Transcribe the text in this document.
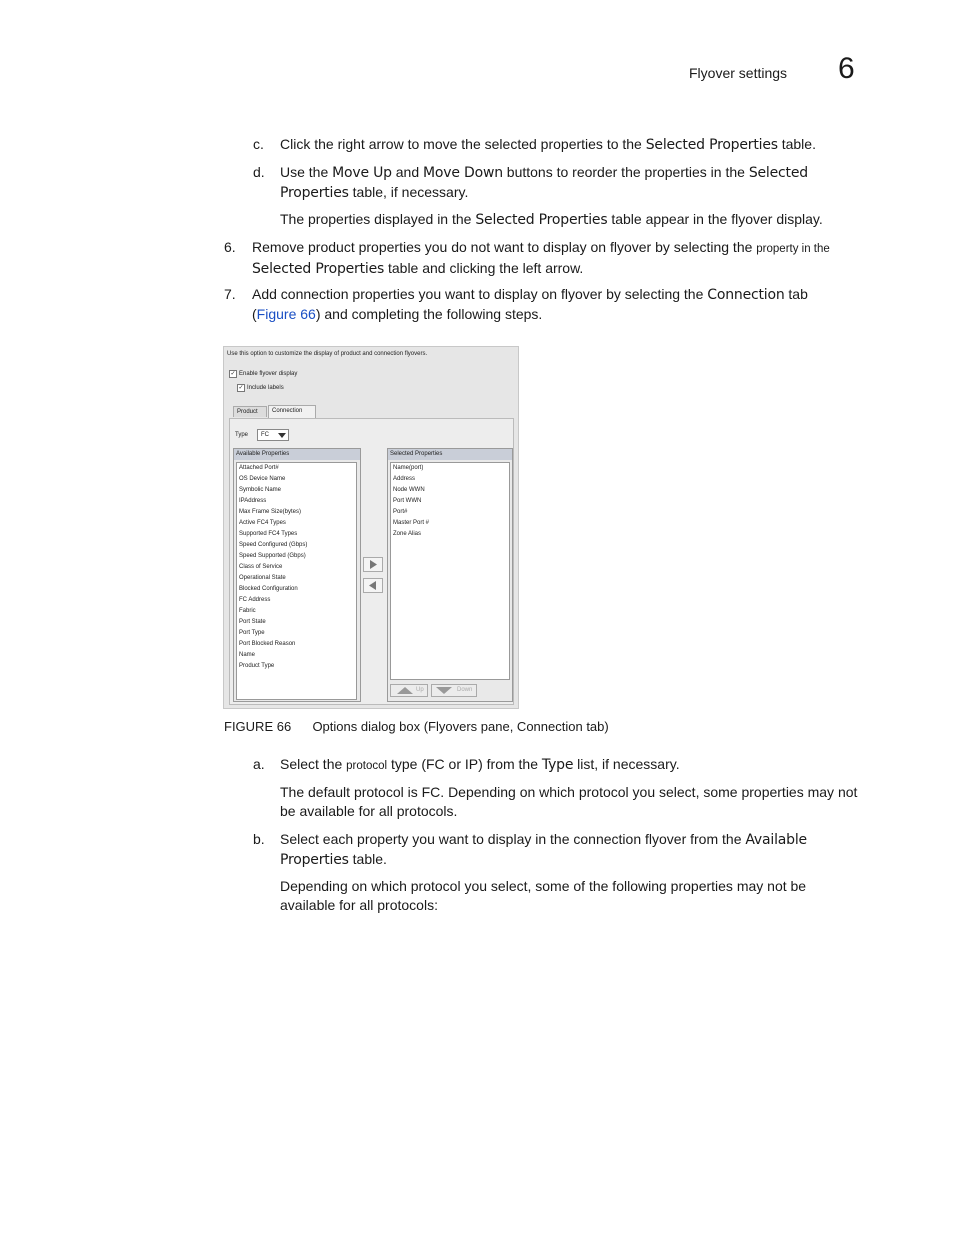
Flyover settings 6
c. Click the right arrow to move the selected properties to the Selected Properties table.
d. Use the Move Up and Move Down buttons to reorder the properties in the Selected
Properties table, if necessary.
The properties displayed in the Selected Properties table appear in the flyover display.
6. Remove product properties you do not want to display on flyover by selecting the property in the
Selected Properties table and clicking the left arrow.
7. Add connection properties you want to display on flyover by selecting the Connection tab
(Figure 66) and completing the following steps.
Use this option to customize the display of product and connection flyovers.
✓ Enable flyover display
✓ Include labels
Product	Connection
Type	FC
Available Properties
Attached Port#
OS Device Name
Symbolic Name
IPAddress
Max Frame Size(bytes)
Active FC4 Types
Supported FC4 Types
Speed Configured (Gbps)
Speed Supported (Gbps)
Class of Service
Operational State
Blocked Configuration
FC Address
Fabric
Port State
Port Type
Port Blocked Reason
Name
Product Type
Selected Properties
Name(port)
Address
Node WWN
Port WWN
Port#
Master Port #
Zone Alias
Up	Down
FIGURE 66 Options dialog box (Flyovers pane, Connection tab)
a. Select the protocol type (FC or IP) from the Type list, if necessary.
The default protocol is FC. Depending on which protocol you select, some properties may not be available for all protocols.
b. Select each property you want to display in the connection flyover from the Available
Properties table.
Depending on which protocol you select, some of the following properties may not be available for all protocols:
